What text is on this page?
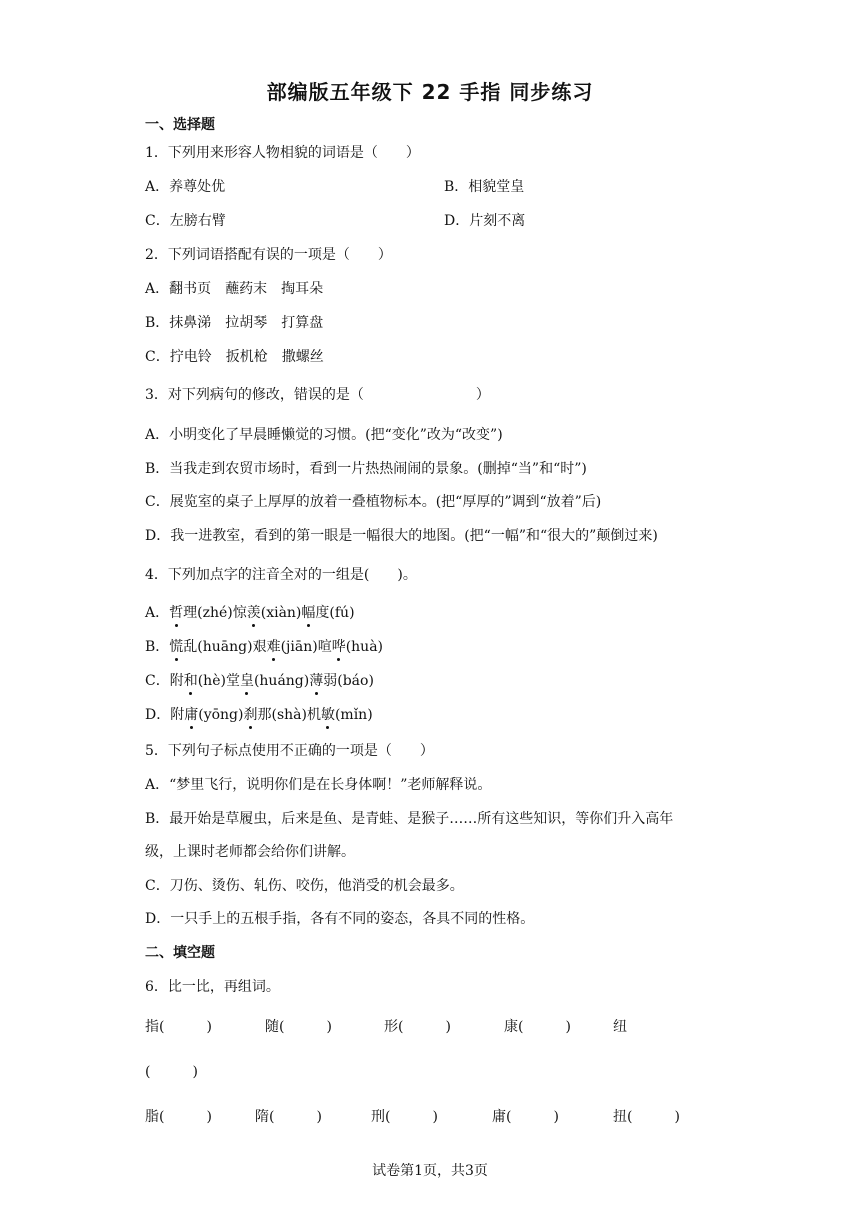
部编版五年级下 22 手指 同步练习
一、选择题
1．下列用来形容人物相貌的词语是（　　）
A．养尊处优	B．相貌堂皇
C．左膀右臂	D．片刻不离
2．下列词语搭配有误的一项是（　　）
A．翻书页　蘸药末　掏耳朵
B．抹鼻涕　拉胡琴　打算盘
C．拧电铃　扳机枪　撒螺丝
3．对下列病句的修改，错误的是（　　　　　　　　）
A．小明变化了早晨睡懒觉的习惯。(把“变化”改为“改变”)
B．当我走到农贸市场时，看到一片热热闹闹的景象。(删掉“当”和“时”)
C．展览室的桌子上厚厚的放着一叠植物标本。(把“厚厚的”调到“放着”后)
D．我一进教室，看到的第一眼是一幅很大的地图。(把“一幅”和“很大的”颠倒过来)
4．下列加点字的注音全对的一组是(　　)。
A．哲理(zhé)惊羡(xiàn)幅度(fú)
B．慌乱(huāng)艰难(jiān)喧哗(huà)
C．附和(hè)堂皇(huáng)薄弱(báo)
D．附庸(yōng)刹那(shà)机敏(mǐn)
5．下列句子标点使用不正确的一项是（　　）
A．“梦里飞行，说明你们是在长身体啊！”老师解释说。
B．最开始是草履虫，后来是鱼、是青蛙、是猴子……所有这些知识，等你们升入高年
级，上课时老师都会给你们讲解。
C．刀伤、烫伤、轧伤、咬伤，他消受的机会最多。
D．一只手上的五根手指，各有不同的姿态，各具不同的性格。
二、填空题
6．比一比，再组词。
指(　　　)	随(　　　)	形(　　　)	康(　　　)	纽
(　　　)
脂(　　　)	隋(　　　)	刑(　　　)	庸(　　　)	扭(　　　)
试卷第1页，共3页
